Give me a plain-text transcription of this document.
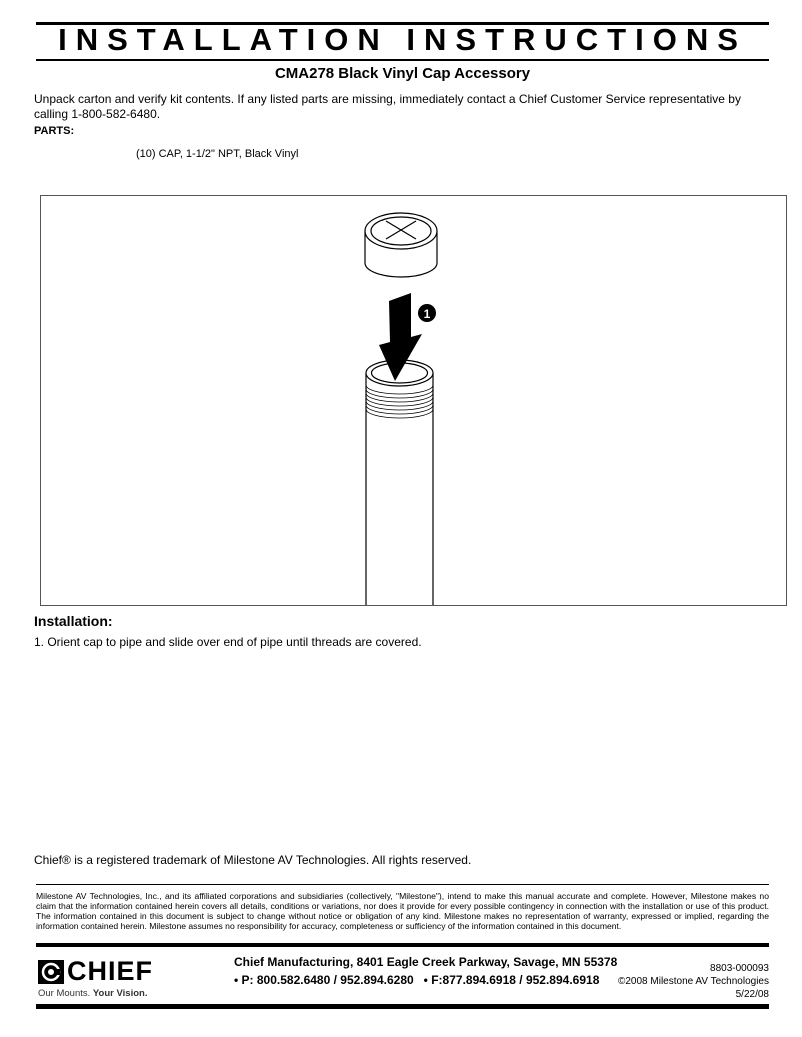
INSTALLATION INSTRUCTIONS
CMA278 Black Vinyl Cap Accessory
Unpack carton and verify kit contents. If any listed parts are missing, immediately contact a Chief Customer Service representative by calling 1-800-582-6480.
PARTS:
(10) CAP, 1-1/2" NPT, Black Vinyl
1
Installation:
1. Orient cap to pipe and slide over end of pipe until threads are covered.
Chief® is a registered trademark of Milestone AV Technologies. All rights reserved.
Milestone AV Technologies, Inc., and its affiliated corporations and subsidiaries (collectively, "Milestone"), intend to make this manual accurate and complete. However, Milestone makes no claim that the information contained herein covers all details, conditions or variations, nor does it provide for every possible contingency in connection with the installation or use of this product. The information contained in this document is subject to change without notice or obligation of any kind. Milestone makes no representation of warranty, expressed or implied, regarding the information contained herein. Milestone assumes no responsibility for accuracy, completeness or sufficiency of the information contained in this document.
CHIEF
Our Mounts. Your Vision.
Chief Manufacturing, 8401 Eagle Creek Parkway, Savage, MN 55378
• P: 800.582.6480 / 952.894.6280   • F:877.894.6918 / 952.894.6918
8803-000093
©2008 Milestone AV Technologies
5/22/08
